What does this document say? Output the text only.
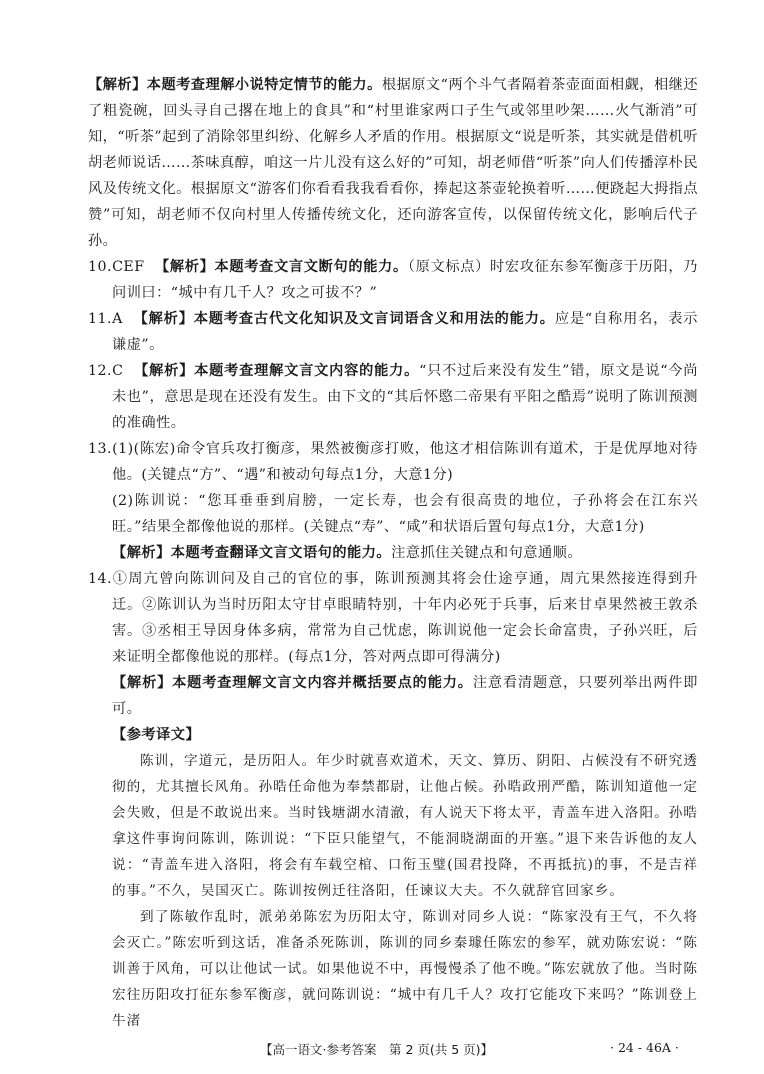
【解析】本题考查理解小说特定情节的能力。根据原文“两个斗气者隔着茶壶面面相觑，相继还了粗瓷碗，回头寻自己撂在地上的食具”和“村里谁家两口子生气或邻里吵架……火气渐消”可知，“听茶”起到了消除邻里纠纷、化解乡人矛盾的作用。根据原文“说是听茶，其实就是借机听胡老师说话……茶味真醇，咱这一片儿没有这么好的”可知，胡老师借“听茶”向人们传播淳朴民风及传统文化。根据原文“游客们你看看我我看看你，捧起这茶壶轮换着听……便跷起大拇指点赞”可知，胡老师不仅向村里人传播传统文化，还向游客宣传，以保留传统文化，影响后代子孙。

10.CEF 【解析】本题考查文言文断句的能力。（原文标点）时宏攻征东参军衡彦于历阳，乃问训曰：“城中有几千人？攻之可拔不？”

11.A 【解析】本题考查古代文化知识及文言词语含义和用法的能力。应是“自称用名，表示谦虚”。

12.C 【解析】本题考查理解文言文内容的能力。“只不过后来没有发生”错，原文是说“今尚未也”，意思是现在还没有发生。由下文的“其后怀愍二帝果有平阳之酷焉”说明了陈训预测的准确性。

13.(1)(陈宏)命令官兵攻打衡彦，果然被衡彦打败，他这才相信陈训有道术，于是优厚地对待他。(关键点“方”、“遇”和被动句每点1分，大意1分)

(2)陈训说：“您耳垂垂到肩膀，一定长寿，也会有很高贵的地位，子孙将会在江东兴旺。”结果全都像他说的那样。(关键点“寿”、“咸”和状语后置句每点1分，大意1分)

【解析】本题考查翻译文言文语句的能力。注意抓住关键点和句意通顺。

14.①周亢曾向陈训问及自己的官位的事，陈训预测其将会仕途亨通，周亢果然接连得到升迁。②陈训认为当时历阳太守甘卓眼睛特别，十年内必死于兵事，后来甘卓果然被王敦杀害。③丞相王导因身体多病，常常为自己忧虑，陈训说他一定会长命富贵，子孙兴旺，后来证明全都像他说的那样。(每点1分，答对两点即可得满分)

【解析】本题考查理解文言文内容并概括要点的能力。注意看清题意，只要列举出两件即可。

【参考译文】

陈训，字道元，是历阳人。年少时就喜欢道术，天文、算历、阴阳、占候没有不研究透彻的，尤其擅长风角。孙晧任命他为奉禁都尉，让他占候。孙晧政刑严酷，陈训知道他一定会失败，但是不敢说出来。当时钱塘湖水清澈，有人说天下将太平，青盖车进入洛阳。孙晧拿这件事询问陈训，陈训说：“下臣只能望气，不能洞晓湖面的开塞。”退下来告诉他的友人说：“青盖车进入洛阳，将会有车载空棺、口衔玉璧(国君投降，不再抵抗)的事，不是吉祥的事。”不久，吴国灭亡。陈训按例迁往洛阳，任谏议大夫。不久就辞官回家乡。

到了陈敏作乱时，派弟弟陈宏为历阳太守，陈训对同乡人说：“陈家没有王气，不久将会灭亡。”陈宏听到这话，准备杀死陈训，陈训的同乡秦璩任陈宏的参军，就劝陈宏说：“陈训善于风角，可以让他试一试。如果他说不中，再慢慢杀了他不晚。”陈宏就放了他。当时陈宏往历阳攻打征东参军衡彦，就问陈训说：“城中有几千人？攻打它能攻下来吗？”陈训登上牛渚

【高一语文·参考答案　第 2 页(共 5 页)】	· 24 - 46A ·
